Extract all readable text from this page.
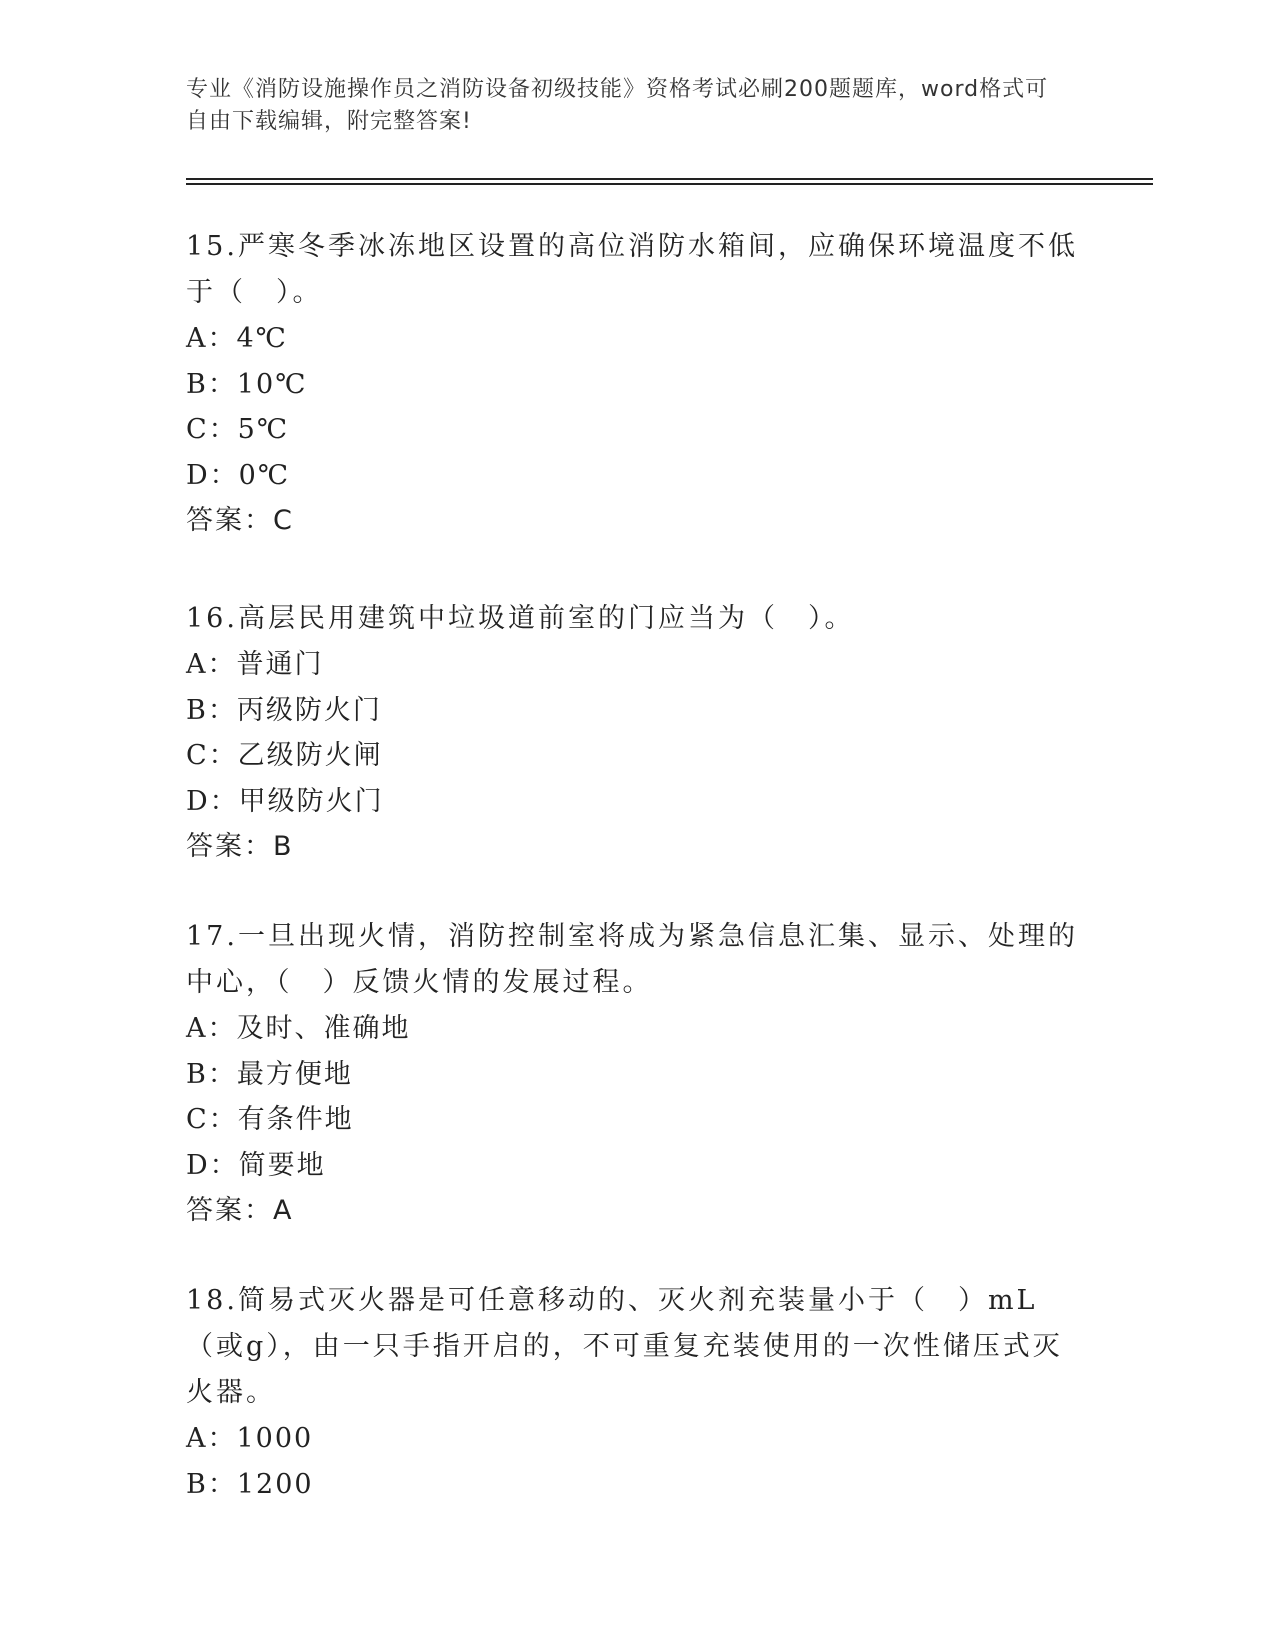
专业《消防设施操作员之消防设备初级技能》资格考试必刷200题题库，word格式可自由下载编辑，附完整答案!

15.严寒冬季冰冻地区设置的高位消防水箱间，应确保环境温度不低于（　）。

A：4℃

B：10℃

C：5℃

D：0℃

答案：C

16.高层民用建筑中垃圾道前室的门应当为（　）。

A：普通门

B：丙级防火门

C：乙级防火闸

D：甲级防火门

答案：B

17.一旦出现火情，消防控制室将成为紧急信息汇集、显示、处理的中心，（　）反馈火情的发展过程。

A：及时、准确地

B：最方便地

C：有条件地

D：简要地

答案：A

18.简易式灭火器是可任意移动的、灭火剂充装量小于（　）mL（或g），由一只手指开启的，不可重复充装使用的一次性储压式灭火器。

A：1000

B：1200
